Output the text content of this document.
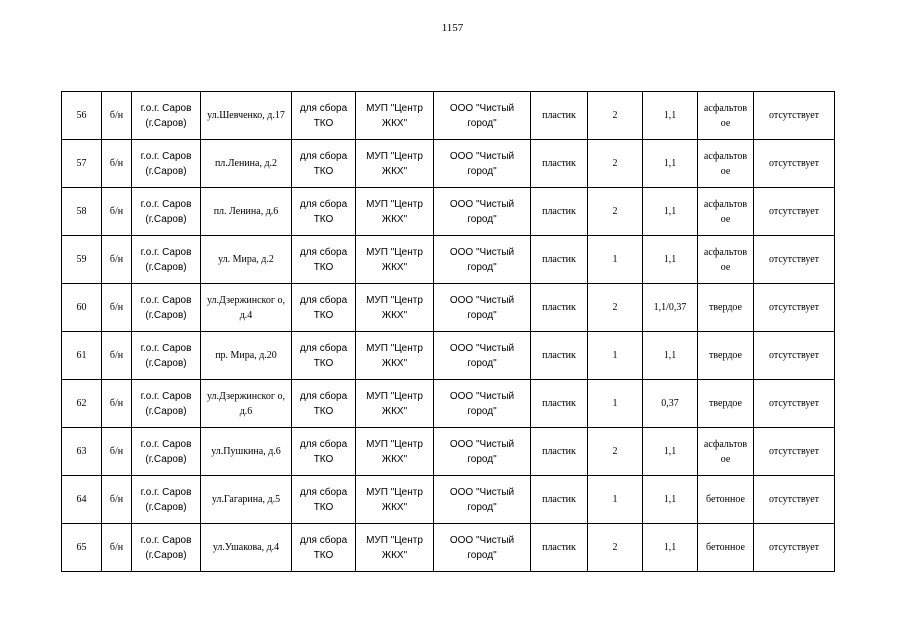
1157
56	б/н	г.о.г. Саров (г.Саров)	ул.Шевченко, д.17	для сбора ТКО	МУП "Центр ЖКХ"	ООО "Чистый город"	пластик	2	1,1	асфальтов ое	отсутствует
57	б/н	г.о.г. Саров (г.Саров)	пл.Ленина, д.2	для сбора ТКО	МУП "Центр ЖКХ"	ООО "Чистый город"	пластик	2	1,1	асфальтов ое	отсутствует
58	б/н	г.о.г. Саров (г.Саров)	пл. Ленина, д.6	для сбора ТКО	МУП "Центр ЖКХ"	ООО "Чистый город"	пластик	2	1,1	асфальтов ое	отсутствует
59	б/н	г.о.г. Саров (г.Саров)	ул. Мира, д.2	для сбора ТКО	МУП "Центр ЖКХ"	ООО "Чистый город"	пластик	1	1,1	асфальтов ое	отсутствует
60	б/н	г.о.г. Саров (г.Саров)	ул.Дзержинског о, д.4	для сбора ТКО	МУП "Центр ЖКХ"	ООО "Чистый город"	пластик	2	1,1/0,37	твердое	отсутствует
61	б/н	г.о.г. Саров (г.Саров)	пр. Мира, д.20	для сбора ТКО	МУП "Центр ЖКХ"	ООО "Чистый город"	пластик	1	1,1	твердое	отсутствует
62	б/н	г.о.г. Саров (г.Саров)	ул.Дзержинског о, д.6	для сбора ТКО	МУП "Центр ЖКХ"	ООО "Чистый город"	пластик	1	0,37	твердое	отсутствует
63	б/н	г.о.г. Саров (г.Саров)	ул.Пушкина, д.6	для сбора ТКО	МУП "Центр ЖКХ"	ООО "Чистый город"	пластик	2	1,1	асфальтов ое	отсутствует
64	б/н	г.о.г. Саров (г.Саров)	ул.Гагарина, д.5	для сбора ТКО	МУП "Центр ЖКХ"	ООО "Чистый город"	пластик	1	1,1	бетонное	отсутствует
65	б/н	г.о.г. Саров (г.Саров)	ул.Ушакова, д.4	для сбора ТКО	МУП "Центр ЖКХ"	ООО "Чистый город"	пластик	2	1,1	бетонное	отсутствует
